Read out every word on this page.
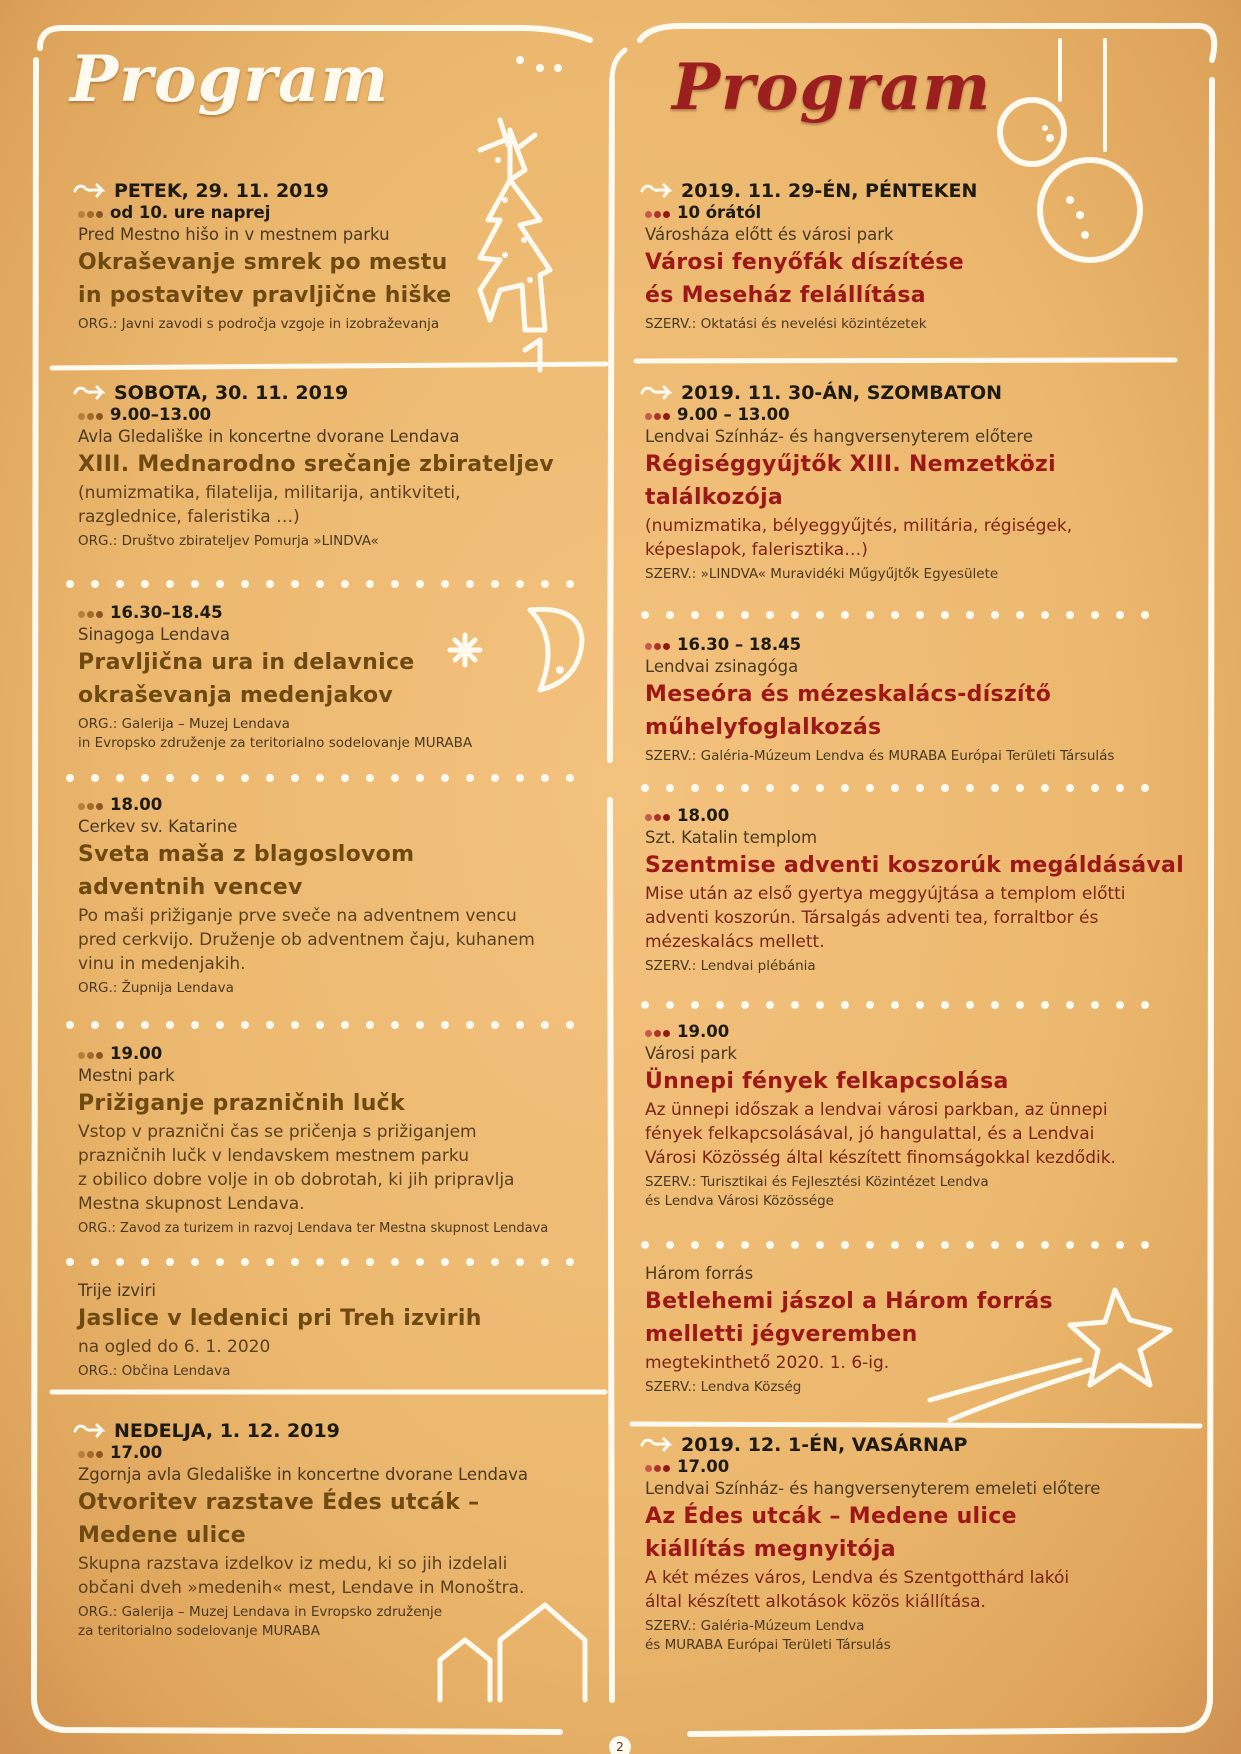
Program	Program
PETEK, 29. 11. 2019
od 10. ure naprej
Pred Mestno hišo in v mestnem parku
Okraševanje smrek po mestu
in postavitev pravljične hiške
ORG.: Javni zavodi s področja vzgoje in izobraževanja
SOBOTA, 30. 11. 2019
9.00–13.00
Avla Gledališke in koncertne dvorane Lendava
XIII. Mednarodno srečanje zbirateljev
(numizmatika, filatelija, militarija, antikviteti,
razglednice, faleristika …)
ORG.: Društvo zbirateljev Pomurja »LINDVA«
16.30–18.45
Sinagoga Lendava
Pravljična ura in delavnice
okraševanja medenjakov
ORG.: Galerija – Muzej Lendava
in Evropsko združenje za teritorialno sodelovanje MURABA
18.00
Cerkev sv. Katarine
Sveta maša z blagoslovom
adventnih vencev
Po maši prižiganje prve sveče na adventnem vencu
pred cerkvijo. Druženje ob adventnem čaju, kuhanem
vinu in medenjakih.
ORG.: Župnija Lendava
19.00
Mestni park
Prižiganje prazničnih lučk
Vstop v praznični čas se pričenja s prižiganjem
prazničnih lučk v lendavskem mestnem parku
z obilico dobre volje in ob dobrotah, ki jih pripravlja
Mestna skupnost Lendava.
ORG.: Zavod za turizem in razvoj Lendava ter Mestna skupnost Lendava
Trije izviri
Jaslice v ledenici pri Treh izvirih
na ogled do 6. 1. 2020
ORG.: Občina Lendava
NEDELJA, 1. 12. 2019
17.00
Zgornja avla Gledališke in koncertne dvorane Lendava
Otvoritev razstave Édes utcák –
Medene ulice
Skupna razstava izdelkov iz medu, ki so jih izdelali
občani dveh »medenih« mest, Lendave in Monoštra.
ORG.: Galerija – Muzej Lendava in Evropsko združenje
za teritorialno sodelovanje MURABA
2019. 11. 29-ÉN, PÉNTEKEN
10 órától
Városháza előtt és városi park
Városi fenyőfák díszítése
és Meseház felállítása
SZERV.: Oktatási és nevelési közintézetek
2019. 11. 30-ÁN, SZOMBATON
9.00 – 13.00
Lendvai Színház- és hangversenyterem előtere
Régiséggyűjtők XIII. Nemzetközi
találkozója
(numizmatika, bélyeggyűjtés, militária, régiségek,
képeslapok, falerisztika…)
SZERV.: »LINDVA« Muravidéki Műgyűjtők Egyesülete
16.30 – 18.45
Lendvai zsinagóga
Meseóra és mézeskalács-díszítő
műhelyfoglalkozás
SZERV.: Galéria-Múzeum Lendva és MURABA Európai Területi Társulás
18.00
Szt. Katalin templom
Szentmise adventi koszorúk megáldásával
Mise után az első gyertya meggyújtása a templom előtti
adventi koszorún. Társalgás adventi tea, forraltbor és
mézeskalács mellett.
SZERV.: Lendvai plébánia
19.00
Városi park
Ünnepi fények felkapcsolása
Az ünnepi időszak a lendvai városi parkban, az ünnepi
fények felkapcsolásával, jó hangulattal, és a Lendvai
Városi Közösség által készített finomságokkal kezdődik.
SZERV.: Turisztikai és Fejlesztési Közintézet Lendva
és Lendva Városi Közössége
Három forrás
Betlehemi jászol a Három forrás
melletti jégveremben
megtekinthető 2020. 1. 6-ig.
SZERV.: Lendva Község
2019. 12. 1-ÉN, VASÁRNAP
17.00
Lendvai Színház- és hangversenyterem emeleti előtere
Az Édes utcák – Medene ulice
kiállítás megnyitója
A két mézes város, Lendva és Szentgotthárd lakói
által készített alkotások közös kiállítása.
SZERV.: Galéria-Múzeum Lendva
és MURABA Európai Területi Társulás
2
